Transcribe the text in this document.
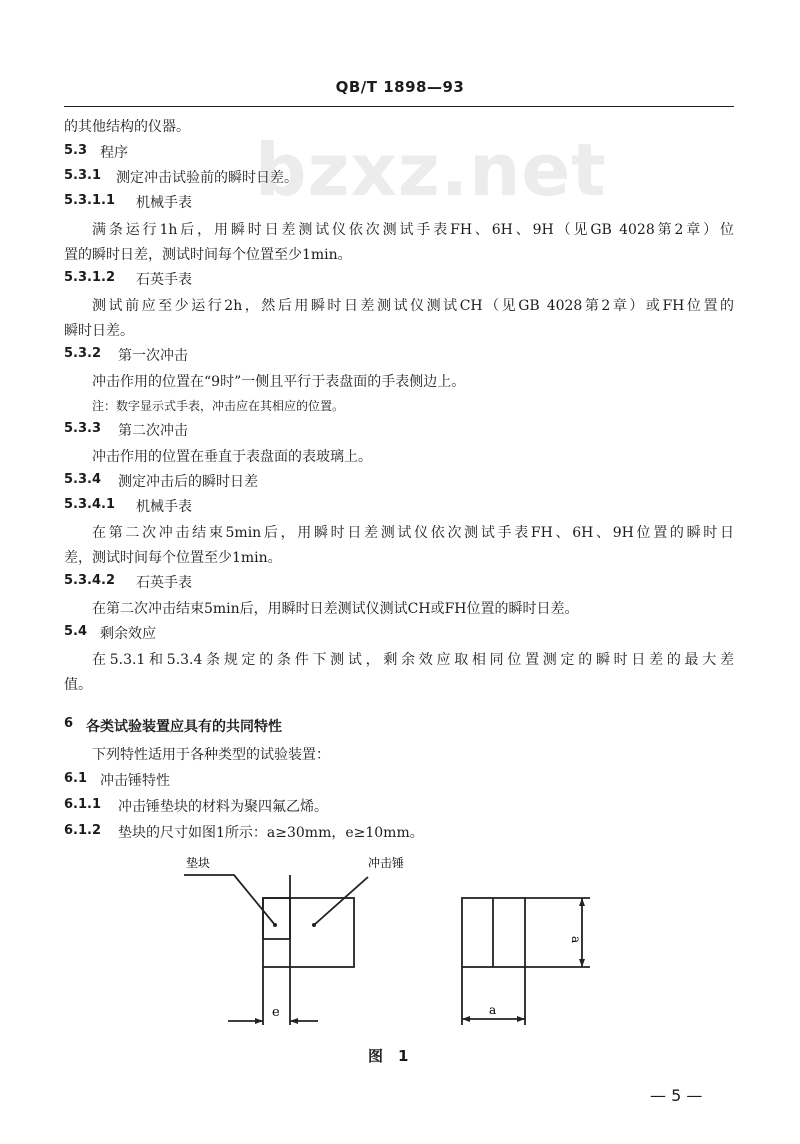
bzxz.net
QB/T 1898—93
的其他结构的仪器。
5.3 程序
5.3.1 测定冲击试验前的瞬时日差。
5.3.1.1 机械手表
满条运行1h后，用瞬时日差测试仪依次测试手表FH、6H、9H（见GB 4028第2章）位
置的瞬时日差，测试时间每个位置至少1min。
5.3.1.2 石英手表
测试前应至少运行2h，然后用瞬时日差测试仪测试CH（见GB 4028第2章）或FH位置的
瞬时日差。
5.3.2 第一次冲击
冲击作用的位置在“9时”一侧且平行于表盘面的手表侧边上。
注：数字显示式手表，冲击应在其相应的位置。
5.3.3 第二次冲击
冲击作用的位置在垂直于表盘面的表玻璃上。
5.3.4 测定冲击后的瞬时日差
5.3.4.1 机械手表
在第二次冲击结束5min后，用瞬时日差测试仪依次测试手表FH、6H、9H位置的瞬时日
差，测试时间每个位置至少1min。
5.3.4.2 石英手表
在第二次冲击结束5min后，用瞬时日差测试仪测试CH或FH位置的瞬时日差。
5.4 剩余效应
在5.3.1和5.3.4条规定的条件下测试，剩余效应取相同位置测定的瞬时日差的最大差
值。
6 各类试验装置应具有的共同特性
下列特性适用于各种类型的试验装置：
6.1 冲击锤特性
6.1.1 冲击锤垫块的材料为聚四氟乙烯。
6.1.2 垫块的尺寸如图1所示：a≥30mm，e≥10mm。
垫块	冲击锤
e
a
a
图　1
— 5 —
